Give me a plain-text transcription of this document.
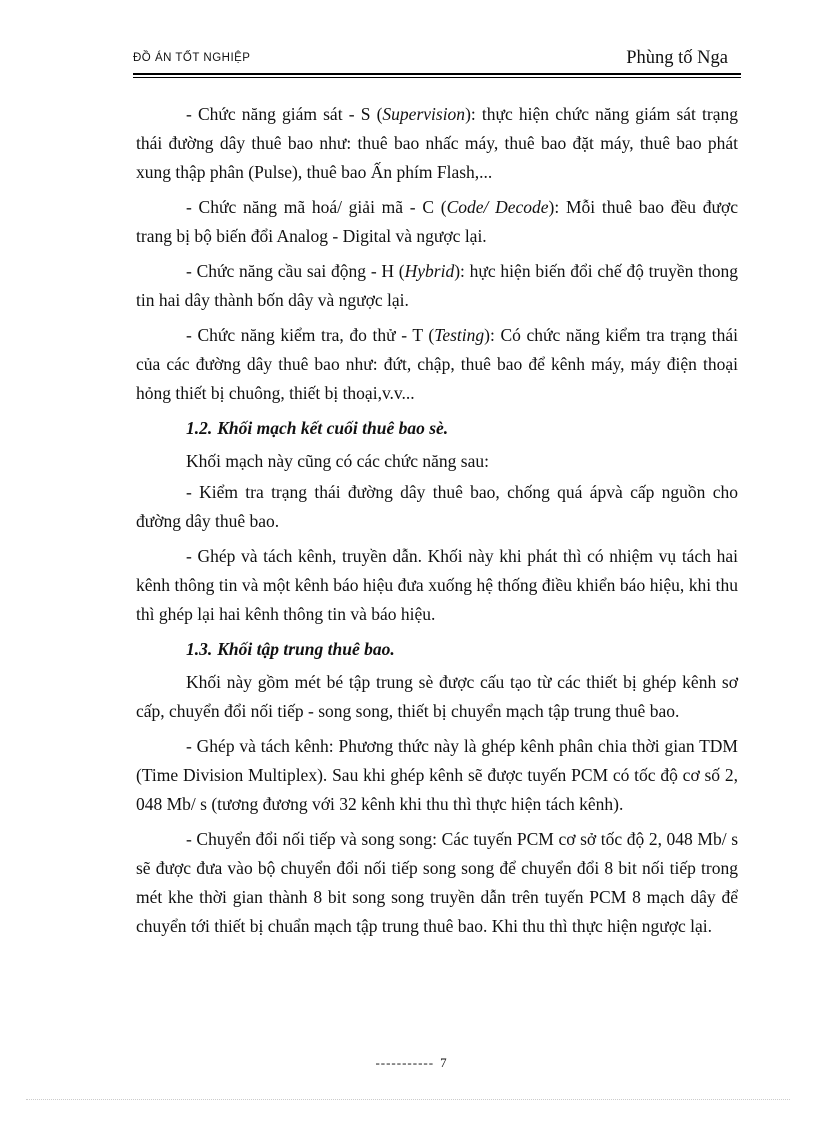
ĐỒ ÁN TỐT NGHIỆP	Phùng tố Nga

- Chức năng giám sát - S (Supervision): thực hiện chức năng giám sát trạng thái đường dây thuê bao như: thuê bao nhấc máy, thuê bao đặt máy, thuê bao phát xung thập phân (Pulse), thuê bao Ấn phím Flash,...

- Chức năng mã hoá/ giải mã - C (Code/ Decode): Mỗi thuê bao đều được trang bị bộ biến đổi Analog - Digital và ngược lại.

- Chức năng cầu sai động - H (Hybrid): hực hiện biến đổi chế độ truyền thong tin hai dây thành bốn dây và ngược lại.

- Chức năng kiểm tra, đo thử - T (Testing): Có chức năng kiểm tra trạng thái của các đường dây thuê bao như: đứt, chập, thuê bao để kênh máy, máy điện thoại hỏng thiết bị chuông, thiết bị thoại,v.v...

1.2. Khối mạch kết cuối thuê bao sè.

Khối mạch này cũng có các chức năng sau:

- Kiểm tra trạng thái đường dây thuê bao, chống quá ápvà cấp nguồn cho đường dây thuê bao.

- Ghép và tách kênh, truyền dẫn. Khối này khi phát thì có nhiệm vụ tách hai kênh thông tin và một kênh báo hiệu đưa xuống hệ thống điều khiển báo hiệu, khi thu thì ghép lại hai kênh thông tin và báo hiệu.

1.3. Khối tập trung thuê bao.

Khối này gồm mét bé tập trung sè được cấu tạo từ các thiết bị ghép kênh sơ cấp, chuyển đổi nối tiếp - song song, thiết bị chuyển mạch tập trung thuê bao.

- Ghép và tách kênh: Phương thức này là ghép kênh phân chia thời gian TDM (Time Division Multiplex). Sau khi ghép kênh sẽ được tuyến PCM có tốc độ cơ số 2, 048 Mb/ s (tương đương với 32 kênh khi thu thì thực hiện tách kênh).

- Chuyển đổi nối tiếp và song song: Các tuyến PCM cơ sở tốc độ 2, 048 Mb/ s sẽ được đưa vào bộ chuyển đổi nối tiếp song song để chuyển đổi 8 bit nối tiếp trong mét khe thời gian thành 8 bit song song truyền dẫn trên tuyến PCM 8 mạch dây để chuyển tới thiết bị chuẩn mạch tập trung thuê bao. Khi thu thì thực hiện ngược lại.

----------- 7
